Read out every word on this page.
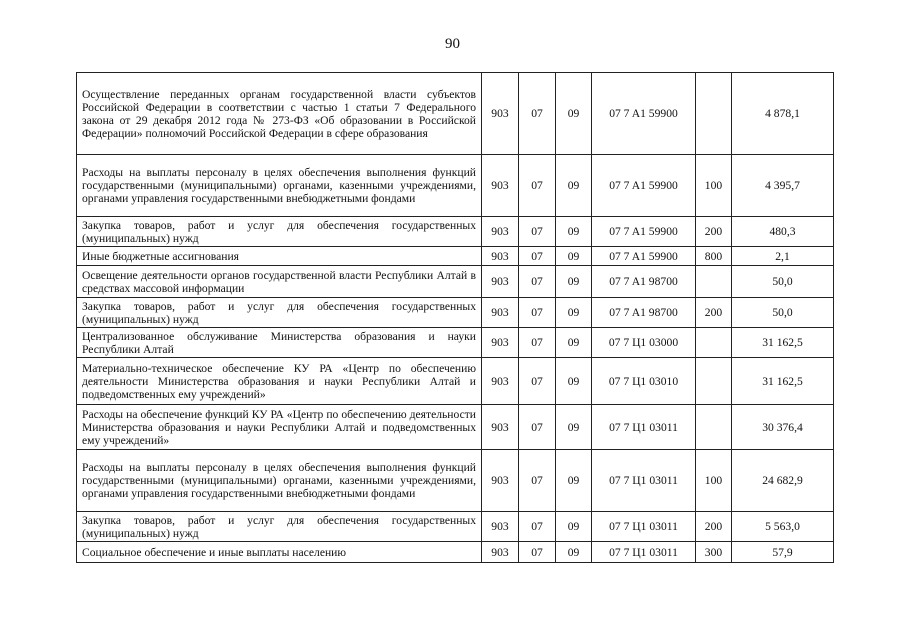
90
Осуществление переданных органам государственной власти субъектов Российской Федерации в соответствии с частью 1 статьи 7 Федерального закона от 29 декабря 2012 года № 273-ФЗ «Об образовании в Российской Федерации» полномочий Российской Федерации в сфере образования	903	07	09	07 7 A1 59900		4 878,1
Расходы на выплаты персоналу в целях обеспечения выполнения функций государственными (муниципальными) органами, казенными учреждениями, органами управления государственными внебюджетными фондами	903	07	09	07 7 A1 59900	100	4 395,7
Закупка товаров, работ и услуг для обеспечения государственных (муниципальных) нужд	903	07	09	07 7 A1 59900	200	480,3
Иные бюджетные ассигнования	903	07	09	07 7 A1 59900	800	2,1
Освещение деятельности органов государственной власти Республики Алтай в средствах массовой информации	903	07	09	07 7 A1 98700		50,0
Закупка товаров, работ и услуг для обеспечения государственных (муниципальных) нужд	903	07	09	07 7 A1 98700	200	50,0
Централизованное обслуживание Министерства образования и науки Республики Алтай	903	07	09	07 7 Ц1 03000		31 162,5
Материально-техническое обеспечение КУ РА «Центр по обеспечению деятельности Министерства образования и науки Республики Алтай и подведомственных ему учреждений»	903	07	09	07 7 Ц1 03010		31 162,5
Расходы на обеспечение функций КУ РА «Центр по обеспечению деятельности Министерства образования и науки Республики Алтай и подведомственных ему учреждений»	903	07	09	07 7 Ц1 03011		30 376,4
Расходы на выплаты персоналу в целях обеспечения выполнения функций государственными (муниципальными) органами, казенными учреждениями, органами управления государственными внебюджетными фондами	903	07	09	07 7 Ц1 03011	100	24 682,9
Закупка товаров, работ и услуг для обеспечения государственных (муниципальных) нужд	903	07	09	07 7 Ц1 03011	200	5 563,0
Социальное обеспечение и иные выплаты населению	903	07	09	07 7 Ц1 03011	300	57,9
